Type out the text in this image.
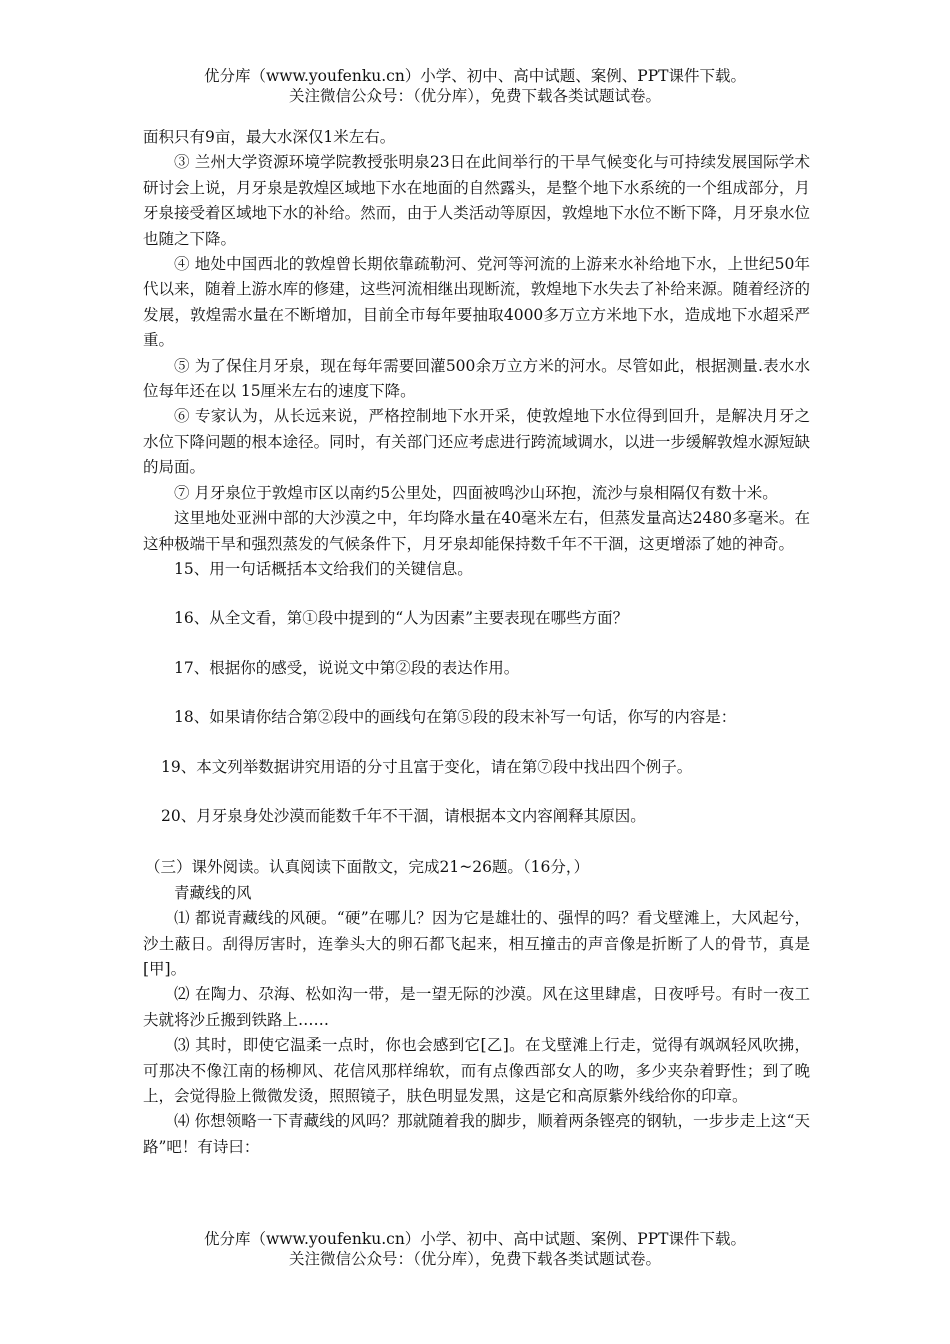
优分库（www.youfenku.cn）小学、初中、高中试题、案例、PPT课件下载。
关注微信公众号：（优分库），免费下载各类试题试卷。

面积只有9亩，最大水深仅1米左右。

③ 兰州大学资源环境学院教授张明泉23日在此间举行的干旱气候变化与可持续发展国际学术研讨会上说，月牙泉是敦煌区域地下水在地面的自然露头，是整个地下水系统的一个组成部分，月牙泉接受着区域地下水的补给。然而，由于人类活动等原因，敦煌地下水位不断下降，月牙泉水位也随之下降。

④ 地处中国西北的敦煌曾长期依靠疏勒河、党河等河流的上游来水补给地下水，上世纪50年代以来，随着上游水库的修建，这些河流相继出现断流，敦煌地下水失去了补给来源。随着经济的发展，敦煌需水量在不断增加，目前全市每年要抽取4000多万立方米地下水，造成地下水超采严重。

⑤ 为了保住月牙泉，现在每年需要回灌500余万立方米的河水。尽管如此，根据测量.表水水位每年还在以 15厘米左右的速度下降。

⑥ 专家认为，从长远来说，严格控制地下水开采，使敦煌地下水位得到回升，是解决月牙之水位下降问题的根本途径。同时，有关部门还应考虑进行跨流域调水，以进一步缓解敦煌水源短缺的局面。

⑦ 月牙泉位于敦煌市区以南约5公里处，四面被鸣沙山环抱，流沙与泉相隔仅有数十米。

这里地处亚洲中部的大沙漠之中，年均降水量在40毫米左右，但蒸发量高达2480多毫米。在这种极端干旱和强烈蒸发的气候条件下，月牙泉却能保持数千年不干涸，这更增添了她的神奇。

15、用一句话概括本文给我们的关键信息。
16、从全文看，第①段中提到的“人为因素”主要表现在哪些方面？
17、根据你的感受，说说文中第②段的表达作用。
18、如果请你结合第②段中的画线句在第⑤段的段末补写一句话，你写的内容是：
19、本文列举数据讲究用语的分寸且富于变化，请在第⑦段中找出四个例子。
20、月牙泉身处沙漠而能数千年不干涸，请根据本文内容阐释其原因。

（三）课外阅读。认真阅读下面散文，完成21~26题。（16分，）

青藏线的风

⑴ 都说青藏线的风硬。“硬”在哪儿？因为它是雄壮的、强悍的吗？看戈壁滩上，大风起兮，沙土蔽日。刮得厉害时，连拳头大的卵石都飞起来，相互撞击的声音像是折断了人的骨节，真是[甲]。

⑵ 在陶力、尕海、松如沟一带，是一望无际的沙漠。风在这里肆虐，日夜呼号。有时一夜工夫就将沙丘搬到铁路上……

⑶ 其时，即使它温柔一点时，你也会感到它[乙]。在戈壁滩上行走，觉得有飒飒轻风吹拂，可那决不像江南的杨柳风、花信风那样绵软，而有点像西部女人的吻，多少夹杂着野性；到了晚上，会觉得脸上微微发烫，照照镜子，肤色明显发黑，这是它和高原紫外线给你的印章。

⑷ 你想领略一下青藏线的风吗？那就随着我的脚步，顺着两条铿亮的钢轨，一步步走上这“天路”吧！有诗曰：

优分库（www.youfenku.cn）小学、初中、高中试题、案例、PPT课件下载。
关注微信公众号：（优分库），免费下载各类试题试卷。
